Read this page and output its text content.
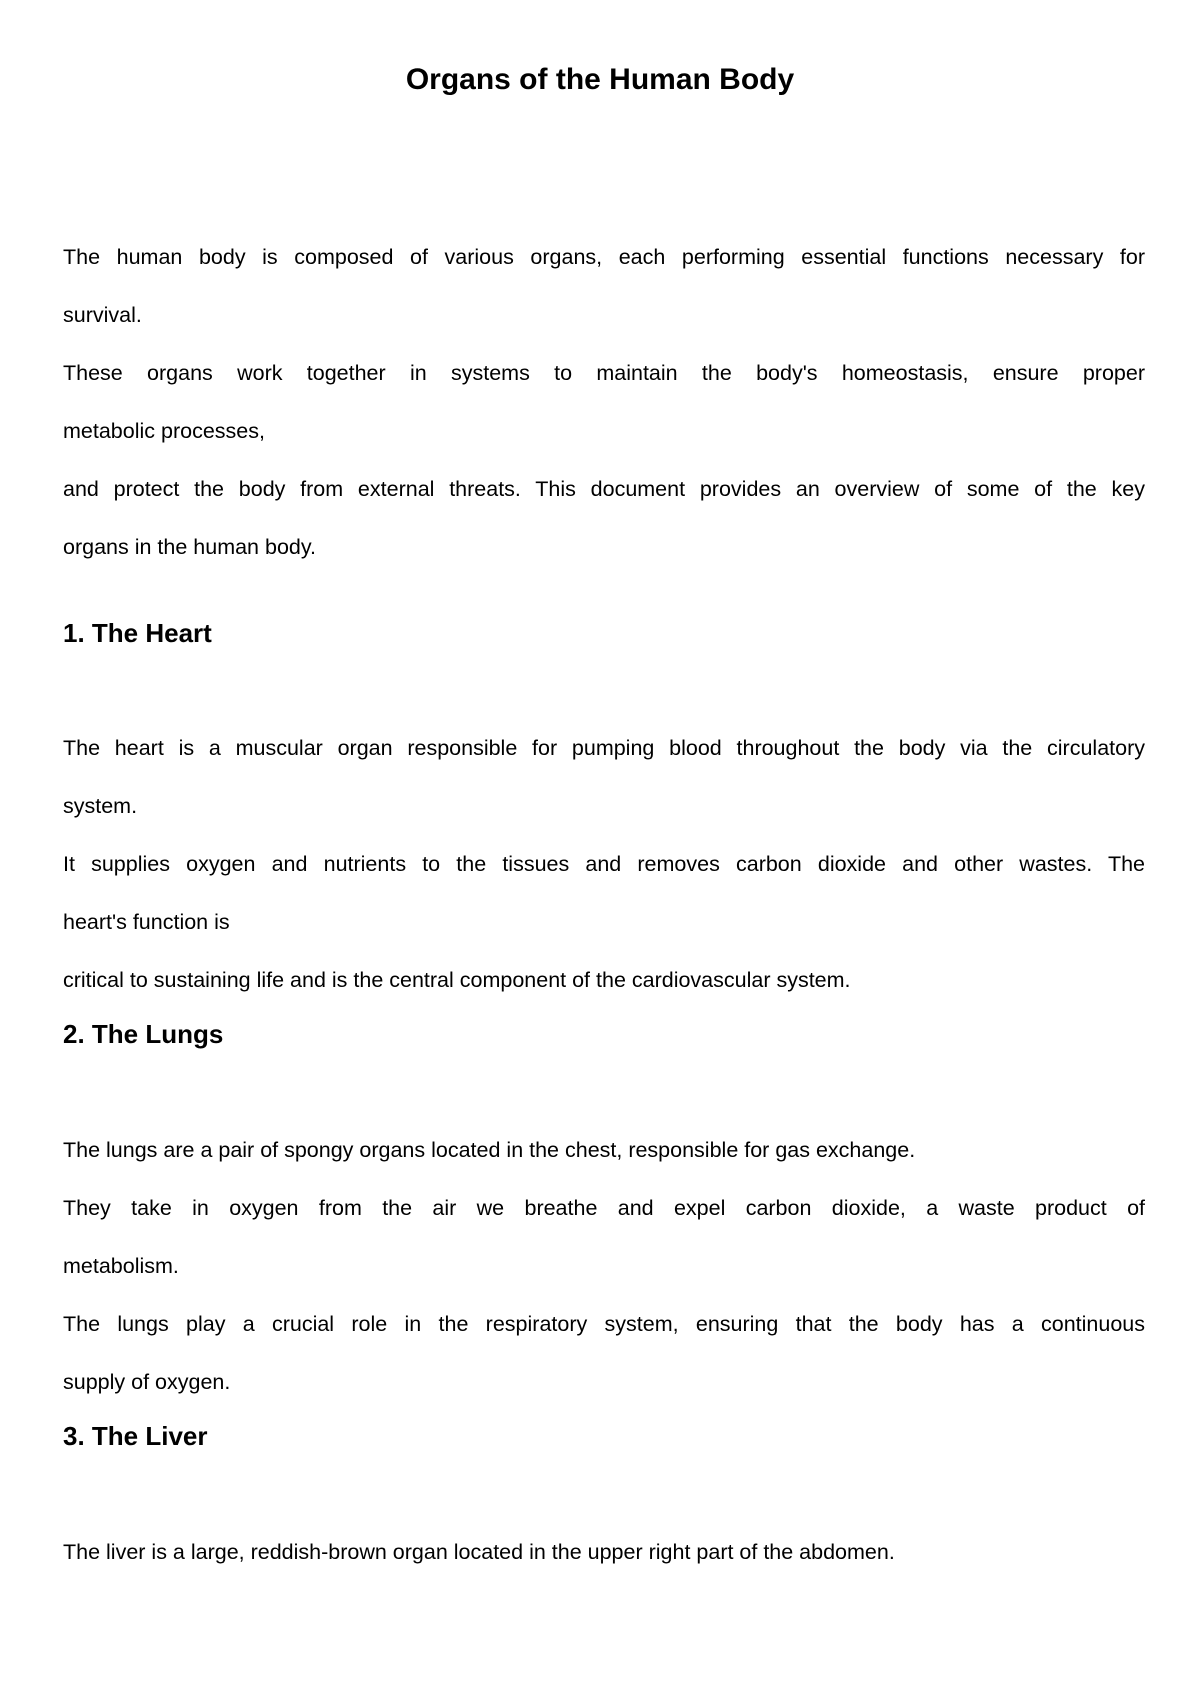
Organs of the Human Body

The human body is composed of various organs, each performing essential functions necessary for
survival.
These organs work together in systems to maintain the body's homeostasis, ensure proper
metabolic processes,
and protect the body from external threats. This document provides an overview of some of the key
organs in the human body.

1. The Heart

The heart is a muscular organ responsible for pumping blood throughout the body via the circulatory
system.
It supplies oxygen and nutrients to the tissues and removes carbon dioxide and other wastes. The
heart's function is
critical to sustaining life and is the central component of the cardiovascular system.

2. The Lungs

The lungs are a pair of spongy organs located in the chest, responsible for gas exchange.
They take in oxygen from the air we breathe and expel carbon dioxide, a waste product of
metabolism.
The lungs play a crucial role in the respiratory system, ensuring that the body has a continuous
supply of oxygen.

3. The Liver

The liver is a large, reddish-brown organ located in the upper right part of the abdomen.
